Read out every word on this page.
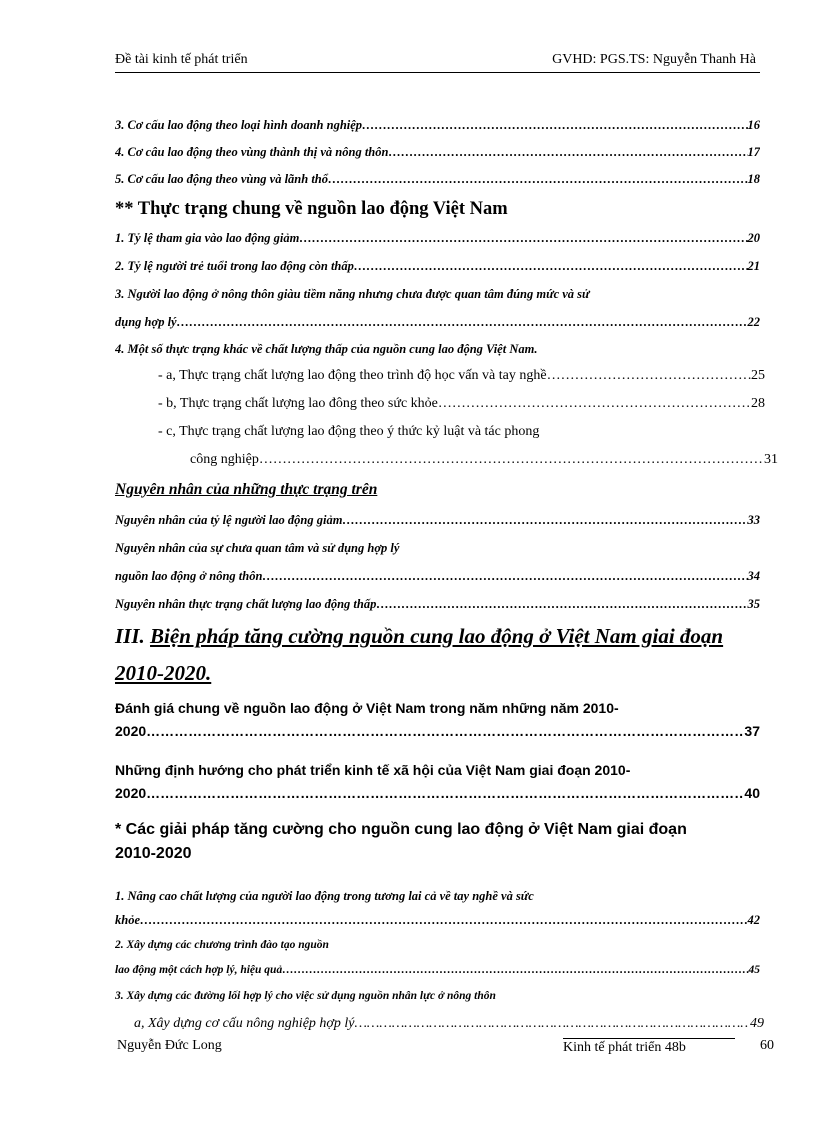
Đề tài kinh tế phát triển	GVHD: PGS.TS: Nguyễn Thanh Hà
3. Cơ cấu lao động theo loại hình doanh nghiệp ……………………………………………………………………………………………………………………………………………………………………………………	16
4. Cơ câu lao động theo vùng thành thị và nông thôn ……………………………………………………………………………………………………………………………………………………………………………………	17
5. Cơ cấu lao động theo vùng và lãnh thổ ……………………………………………………………………………………………………………………………………………………………………………………	18
** Thực trạng chung về nguồn lao động Việt Nam
1. Tỷ lệ tham gia vào lao động giảm ……………………………………………………………………………………………………………………………………………………………………………………	20
2. Tỷ lệ người trẻ tuổi trong lao động còn thấp ……………………………………………………………………………………………………………………………………………………………………………………	21
3. Người lao động ở nông thôn giàu tiềm năng nhưng chưa được quan tâm đúng mức và sử
dụng hợp lý ……………………………………………………………………………………………………………………………………………………………………………………	22
4. Một số thực trạng khác về chất lượng thấp của nguồn cung lao động Việt Nam.
- a, Thực trạng chất lượng lao động theo trình độ học vấn và tay nghề ……………………………………………………………………………………………………………………………………………………………………………………	25
- b, Thực trạng chất lượng lao đông theo sức khỏe ……………………………………………………………………………………………………………………………………………………………………………………	28
- c, Thực trạng chất lượng lao động theo ý thức kỷ luật và tác phong
công nghiệp ……………………………………………………………………………………………………………………………………………………………………………………	31
Nguyên nhân của những thực trạng trên
Nguyên nhân của tỷ lệ người lao động giảm ……………………………………………………………………………………………………………………………………………………………………………………	33
Nguyên nhân của sự chưa quan tâm và sử dụng hợp lý
nguồn lao động ở nông thôn ……………………………………………………………………………………………………………………………………………………………………………………	34
Nguyên nhân thực trạng chất lượng lao động thấp ……………………………………………………………………………………………………………………………………………………………………………………	35
III. Biện pháp tăng cường nguồn cung lao động ở Việt Nam giai đoạn
2010-2020.
Đánh giá chung về nguồn lao động ở Việt Nam trong năm những năm 2010-
2020 ……………………………………………………………………………………………………………………………………………………………………………………	37
Những định hướng cho phát triển kinh tế xã hội của Việt Nam giai đoạn 2010-
2020 ……………………………………………………………………………………………………………………………………………………………………………………	40
* Các giải pháp tăng cường cho nguồn cung lao động ở Việt Nam giai đoạn
2010-2020
1. Nâng cao chất lượng của người lao động trong tương lai cả về tay nghề và sức
khỏe ……………………………………………………………………………………………………………………………………………………………………………………	42
2. Xây dựng các chương trình đào tạo nguồn
lao động một cách hợp lý, hiệu quả ……………………………………………………………………………………………………………………………………………………………………………………	45
3. Xây dựng các đường lối hợp lý cho việc sử dụng nguồn nhân lực ở nông thôn
a, Xây dựng cơ cấu nông nghiệp hợp lý ……………………………………………………………………………………………………………………………………………………………………………………	49
Nguyễn Đức Long	Kinh tế phát triển 48b	60
